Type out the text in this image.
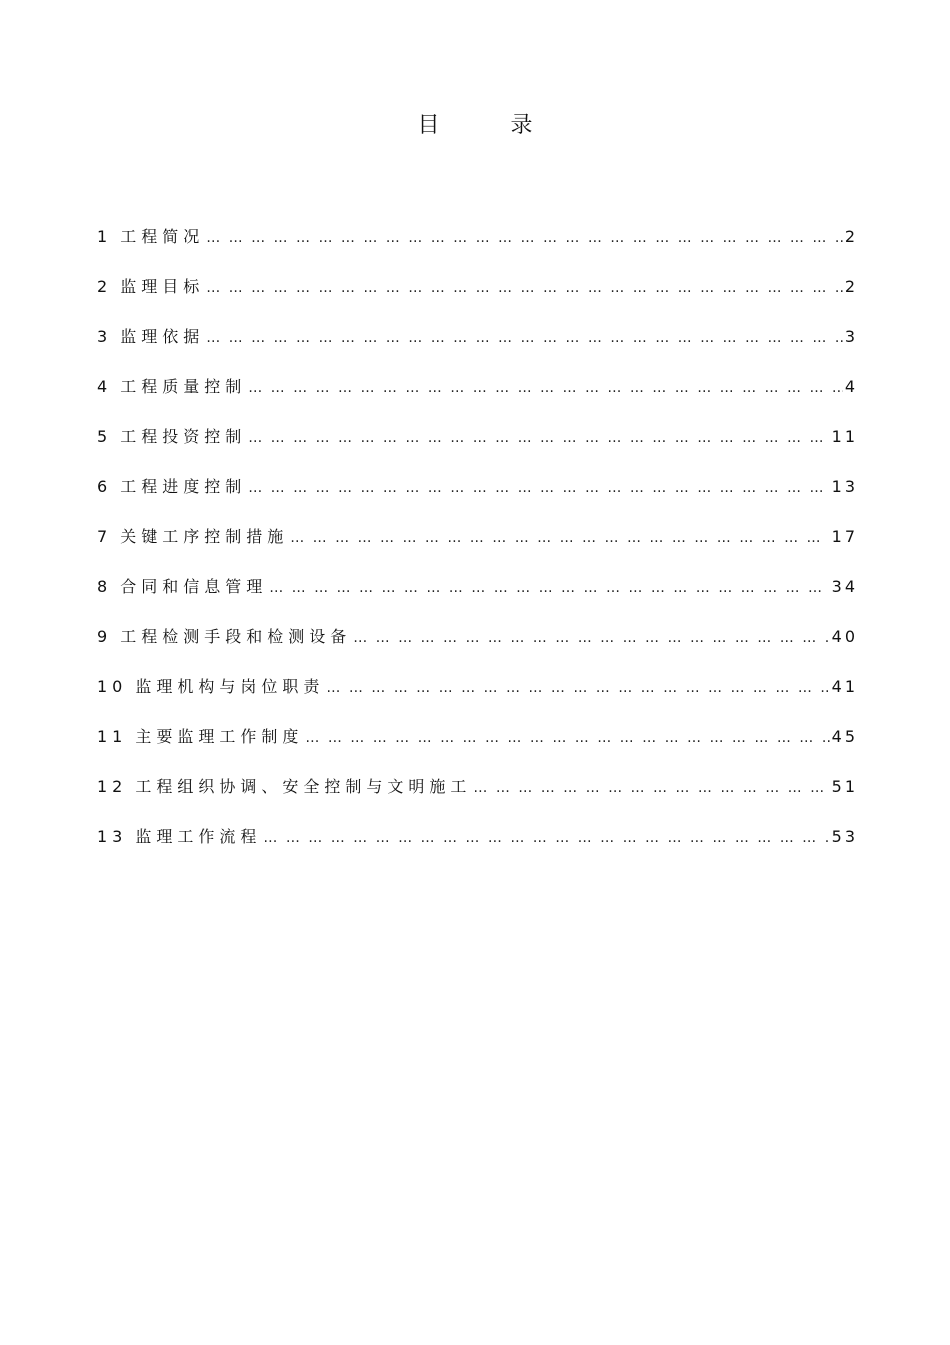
目	录
1 工程简况 … … … … … … … … … … … … … … … … … … … … … … … … … … … … … … … … … … … … … … … … … … … … … … … … … … …	2
2 监理目标 … … … … … … … … … … … … … … … … … … … … … … … … … … … … … … … … … … … … … … … … … … … … … … … … … … …	2
3 监理依据 … … … … … … … … … … … … … … … … … … … … … … … … … … … … … … … … … … … … … … … … … … … … … … … … … … …	3
4 工程质量控制 … … … … … … … … … … … … … … … … … … … … … … … … … … … … … … … … … … … … … … … … … … … … … … … … … … …	4
5 工程投资控制 … … … … … … … … … … … … … … … … … … … … … … … … … … … … … … … … … … … … … … … … … … … … … … … … … … …	11
6 工程进度控制 … … … … … … … … … … … … … … … … … … … … … … … … … … … … … … … … … … … … … … … … … … … … … … … … … … …	13
7 关键工序控制措施 … … … … … … … … … … … … … … … … … … … … … … … … … … … … … … … … … … … … … … … … … … … … … … … … … … …	17
8 合同和信息管理 … … … … … … … … … … … … … … … … … … … … … … … … … … … … … … … … … … … … … … … … … … … … … … … … … … …	34
9 工程检测手段和检测设备 … … … … … … … … … … … … … … … … … … … … … … … … … … … … … … … … … … … … … … … … … … … … … … … … … … …	40
10 监理机构与岗位职责 … … … … … … … … … … … … … … … … … … … … … … … … … … … … … … … … … … … … … … … … … … … … … … … … … … …	41
11 主要监理工作制度 … … … … … … … … … … … … … … … … … … … … … … … … … … … … … … … … … … … … … … … … … … … … … … … … … … …	45
12 工程组织协调、安全控制与文明施工 … … … … … … … … … … … … … … … … … … … … … … … … … … … … … … … … … … … … … … … … … … … … … … … … … … …	51
13 监理工作流程 … … … … … … … … … … … … … … … … … … … … … … … … … … … … … … … … … … … … … … … … … … … … … … … … … … …	53
